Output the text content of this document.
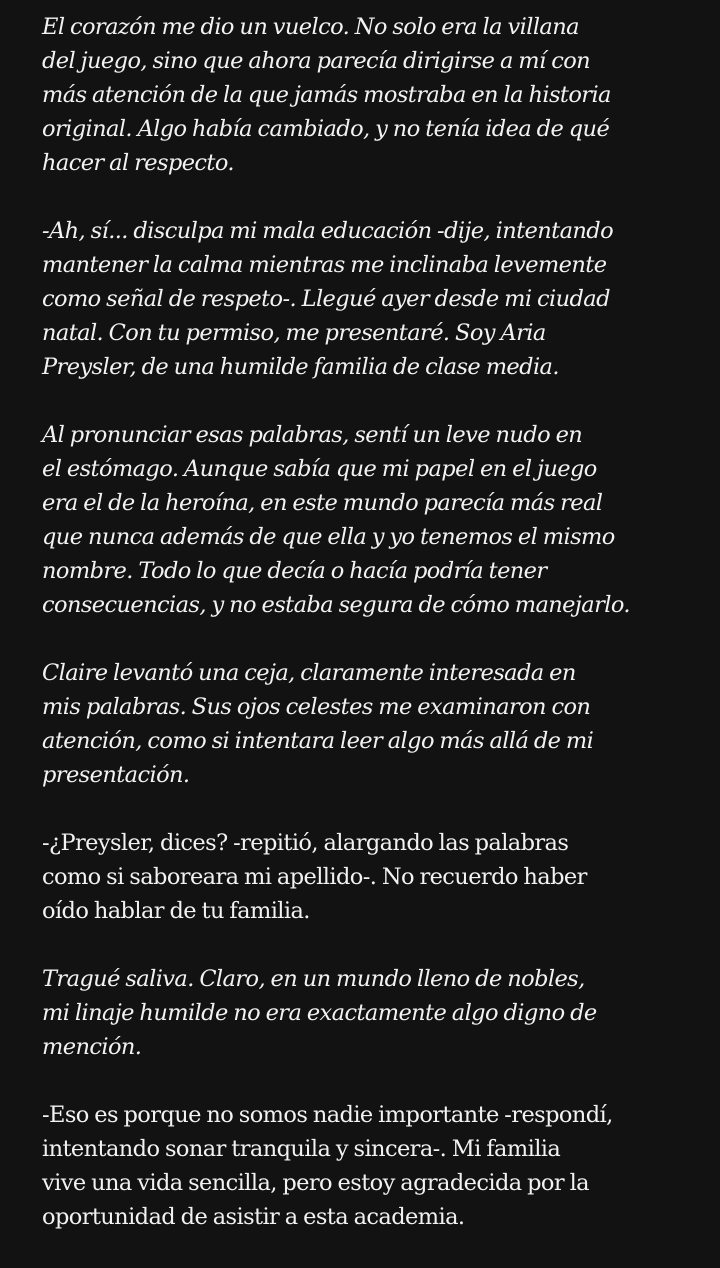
El corazón me dio un vuelco. No solo era la villana
del juego, sino que ahora parecía dirigirse a mí con
más atención de la que jamás mostraba en la historia
original. Algo había cambiado, y no tenía idea de qué
hacer al respecto.

-Ah, sí... disculpa mi mala educación -dije, intentando
mantener la calma mientras me inclinaba levemente
como señal de respeto-. Llegué ayer desde mi ciudad
natal. Con tu permiso, me presentaré. Soy Aria
Preysler, de una humilde familia de clase media.

Al pronunciar esas palabras, sentí un leve nudo en
el estómago. Aunque sabía que mi papel en el juego
era el de la heroína, en este mundo parecía más real
que nunca además de que ella y yo tenemos el mismo
nombre. Todo lo que decía o hacía podría tener
consecuencias, y no estaba segura de cómo manejarlo.

Claire levantó una ceja, claramente interesada en
mis palabras. Sus ojos celestes me examinaron con
atención, como si intentara leer algo más allá de mi
presentación.

-¿Preysler, dices? -repitió, alargando las palabras
como si saboreara mi apellido-. No recuerdo haber
oído hablar de tu familia.

Tragué saliva. Claro, en un mundo lleno de nobles,
mi linaje humilde no era exactamente algo digno de
mención.

-Eso es porque no somos nadie importante -respondí,
intentando sonar tranquila y sincera-. Mi familia
vive una vida sencilla, pero estoy agradecida por la
oportunidad de asistir a esta academia.
